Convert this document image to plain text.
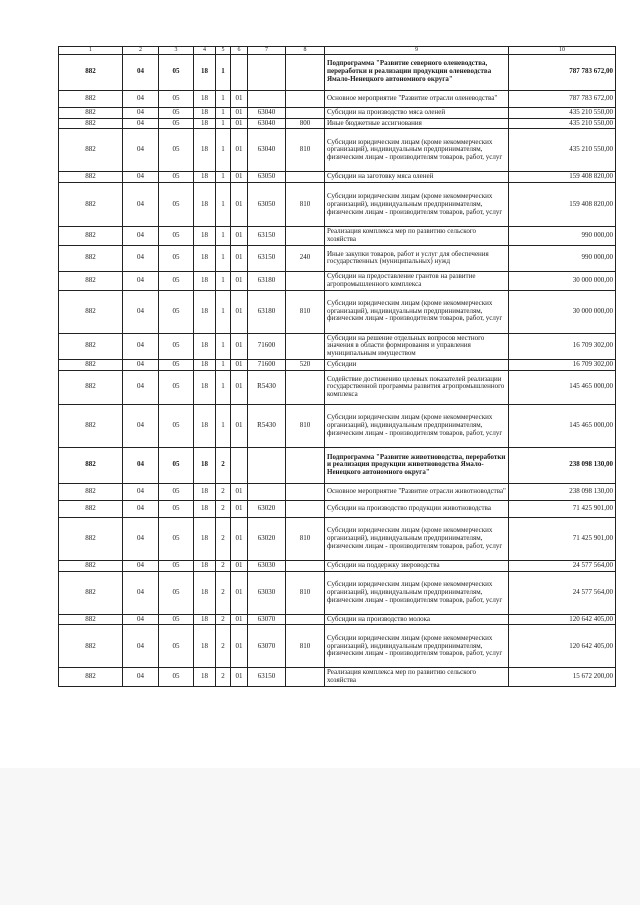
1	2	3	4	5	6	7	8	9	10
882	04	05	18	1				Подпрограмма "Развитие северного оленеводства, переработки и реализации продукции оленеводства Ямало-Ненецкого автономного округа"	787 783 672,00
882	04	05	18	1	01			Основное мероприятие "Развитие отрасли оленеводства"	787 783 672,00
882	04	05	18	1	01	63040		Субсидии на производство мяса оленей	435 210 550,00
882	04	05	18	1	01	63040	800	Иные бюджетные ассигнования	435 210 550,00
882	04	05	18	1	01	63040	810	Субсидии юридическим лицам (кроме некоммерческих организаций), индивидуальным предпринимателям, физическим лицам - производителям товаров, работ, услуг	435 210 550,00
882	04	05	18	1	01	63050		Субсидии на заготовку мяса оленей	159 408 820,00
882	04	05	18	1	01	63050	810	Субсидии юридическим лицам (кроме некоммерческих организаций), индивидуальным предпринимателям, физическим лицам - производителям товаров, работ, услуг	159 408 820,00
882	04	05	18	1	01	63150		Реализация комплекса мер по развитию сельского хозяйства	990 000,00
882	04	05	18	1	01	63150	240	Иные закупки товаров, работ и услуг для обеспечения государственных (муниципальных) нужд	990 000,00
882	04	05	18	1	01	63180		Субсидии на предоставление грантов на развитие агропромышленного комплекса	30 000 000,00
882	04	05	18	1	01	63180	810	Субсидии юридическим лицам (кроме некоммерческих организаций), индивидуальным предпринимателям, физическим лицам - производителям товаров, работ, услуг	30 000 000,00
882	04	05	18	1	01	71600		Субсидии на решение отдельных вопросов местного значения в области формирования и управления муниципальным имуществом	16 709 302,00
882	04	05	18	1	01	71600	520	Субсидии	16 709 302,00
882	04	05	18	1	01	R5430		Содействие достижению целевых показателей реализации государственной программы развития агропромышленного комплекса	145 465 000,00
882	04	05	18	1	01	R5430	810	Субсидии юридическим лицам (кроме некоммерческих организаций), индивидуальным предпринимателям, физическим лицам - производителям товаров, работ, услуг	145 465 000,00
882	04	05	18	2				Подпрограмма "Развитие животноводства, переработки и реализация продукции животноводства Ямало-Ненецкого автономного округа"	238 098 130,00
882	04	05	18	2	01			Основное мероприятие "Развитие отрасли животноводства"	238 098 130,00
882	04	05	18	2	01	63020		Субсидии на производство продукции животноводства	71 425 901,00
882	04	05	18	2	01	63020	810	Субсидии юридическим лицам (кроме некоммерческих организаций), индивидуальным предпринимателям, физическим лицам - производителям товаров, работ, услуг	71 425 901,00
882	04	05	18	2	01	63030		Субсидии на поддержку звероводства	24 577 564,00
882	04	05	18	2	01	63030	810	Субсидии юридическим лицам (кроме некоммерческих организаций), индивидуальным предпринимателям, физическим лицам - производителям товаров, работ, услуг	24 577 564,00
882	04	05	18	2	01	63070		Субсидии на производство молока	120 642 405,00
882	04	05	18	2	01	63070	810	Субсидии юридическим лицам (кроме некоммерческих организаций), индивидуальным предпринимателям, физическим лицам - производителям товаров, работ, услуг	120 642 405,00
882	04	05	18	2	01	63150		Реализация комплекса мер по развитию сельского хозяйства	15 672 200,00
